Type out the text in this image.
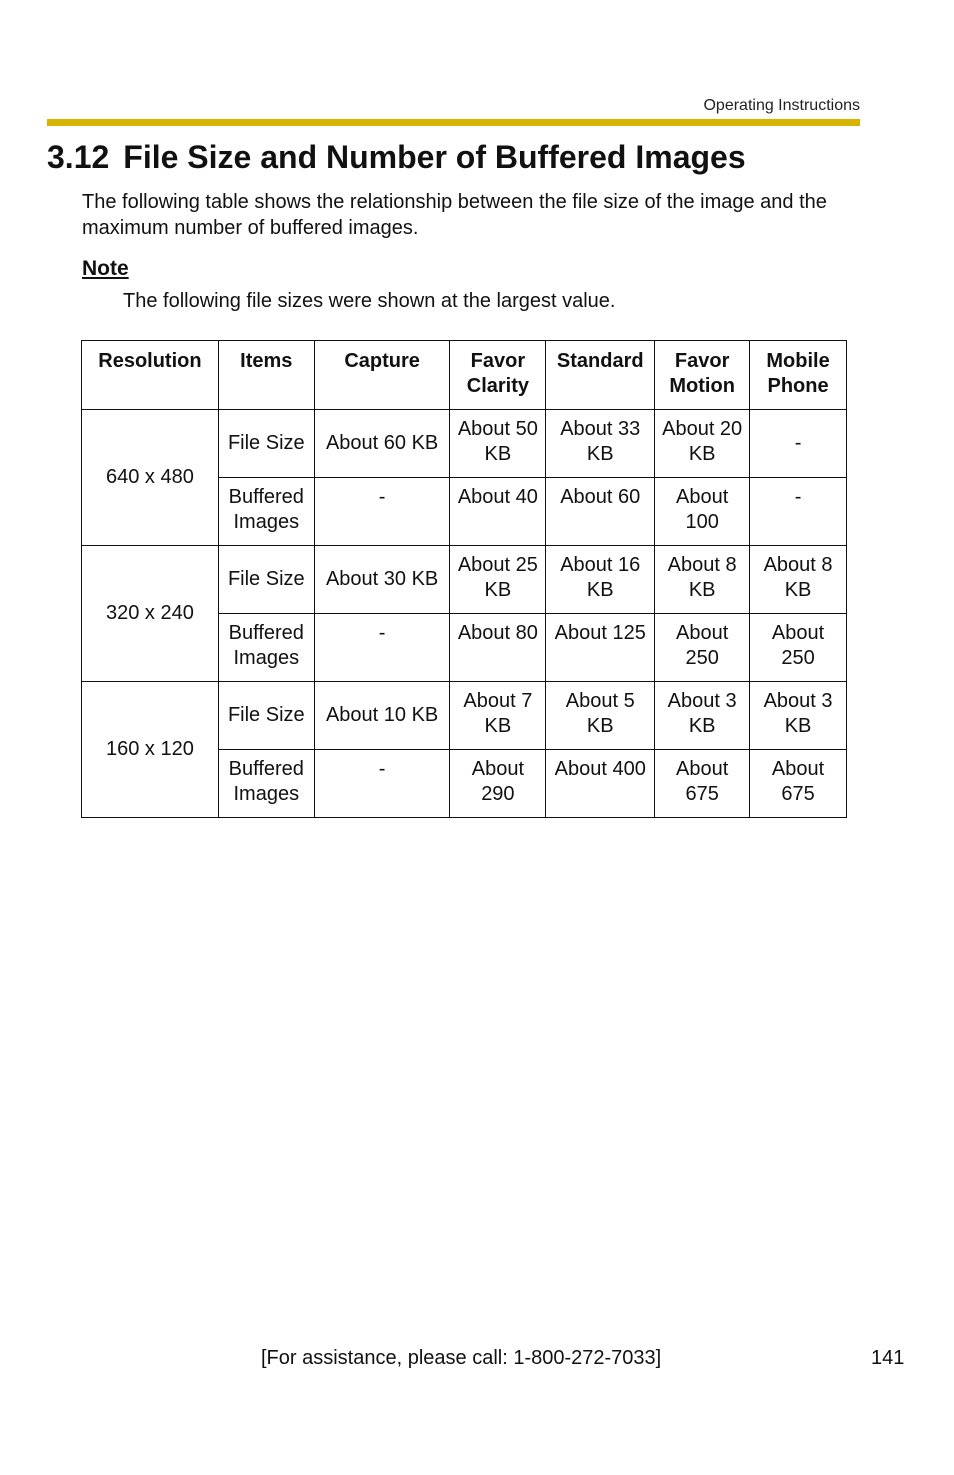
Operating Instructions
3.12 File Size and Number of Buffered Images

The following table shows the relationship between the file size of the image and the maximum number of buffered images.

Note

The following file sizes were shown at the largest value.

Resolution	Items	Capture	Favor Clarity	Standard	Favor Motion	Mobile Phone
640 x 480	File Size	About 60 KB	About 50 KB	About 33 KB	About 20 KB	-
	Buffered Images	-	About 40	About 60	About 100	-
320 x 240	File Size	About 30 KB	About 25 KB	About 16 KB	About 8 KB	About 8 KB
	Buffered Images	-	About 80	About 125	About 250	About 250
160 x 120	File Size	About 10 KB	About 7 KB	About 5 KB	About 3 KB	About 3 KB
	Buffered Images	-	About 290	About 400	About 675	About 675
[For assistance, please call: 1-800-272-7033]	141
